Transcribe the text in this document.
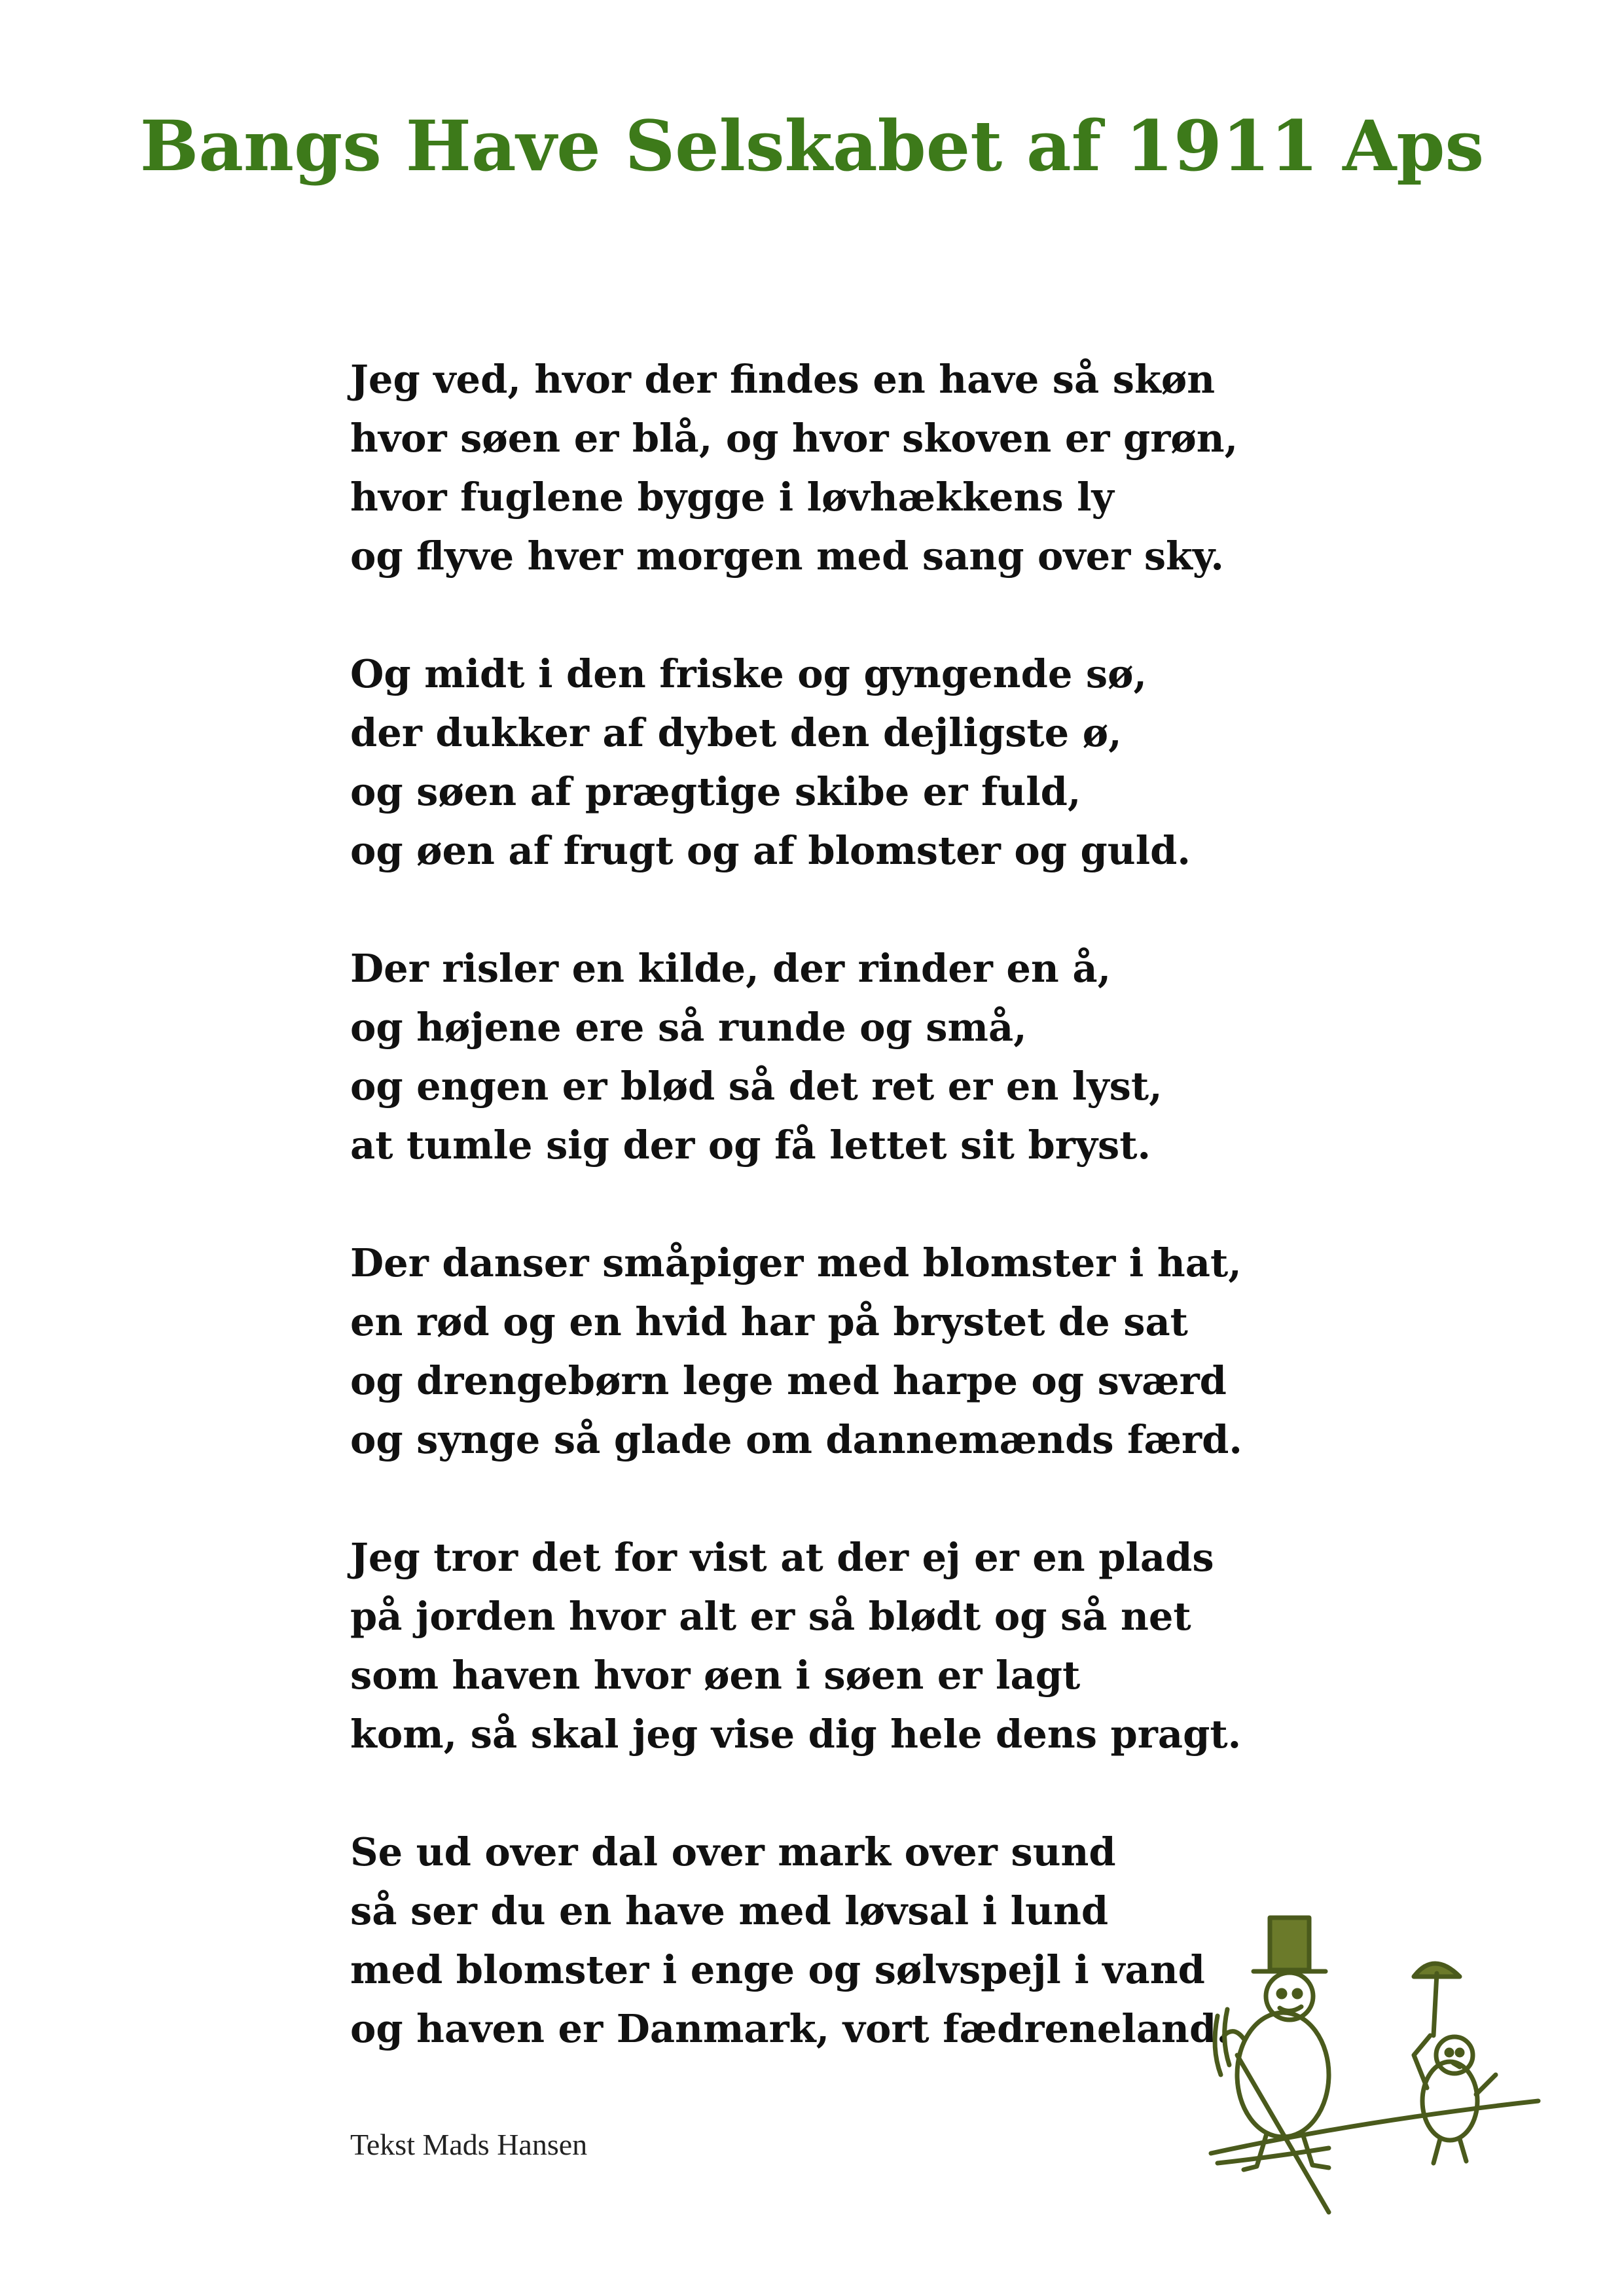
Bangs Have Selskabet af 1911 Aps
Jeg ved, hvor der findes en have så skøn
hvor søen er blå, og hvor skoven er grøn,
hvor fuglene bygge i løvhækkens ly
og flyve hver morgen med sang over sky.
Og midt i den friske og gyngende sø,
der dukker af dybet den dejligste ø,
og søen af prægtige skibe er fuld,
og øen af frugt og af blomster og guld.
Der risler en kilde, der rinder en å,
og højene ere så runde og små,
og engen er blød så det ret er en lyst,
at tumle sig der og få lettet sit bryst.
Der danser småpiger med blomster i hat,
en rød og en hvid har på brystet de sat
og drengebørn lege med harpe og sværd
og synge så glade om dannemænds færd.
Jeg tror det for vist at der ej er en plads
på jorden hvor alt er så blødt og så net
som haven hvor øen i søen er lagt
kom, så skal jeg vise dig hele dens pragt.
Se ud over dal over mark over sund
så ser du en have med løvsal i lund
med blomster i enge og sølvspejl i vand
og haven er Danmark, vort fædreneland.
Tekst Mads Hansen
